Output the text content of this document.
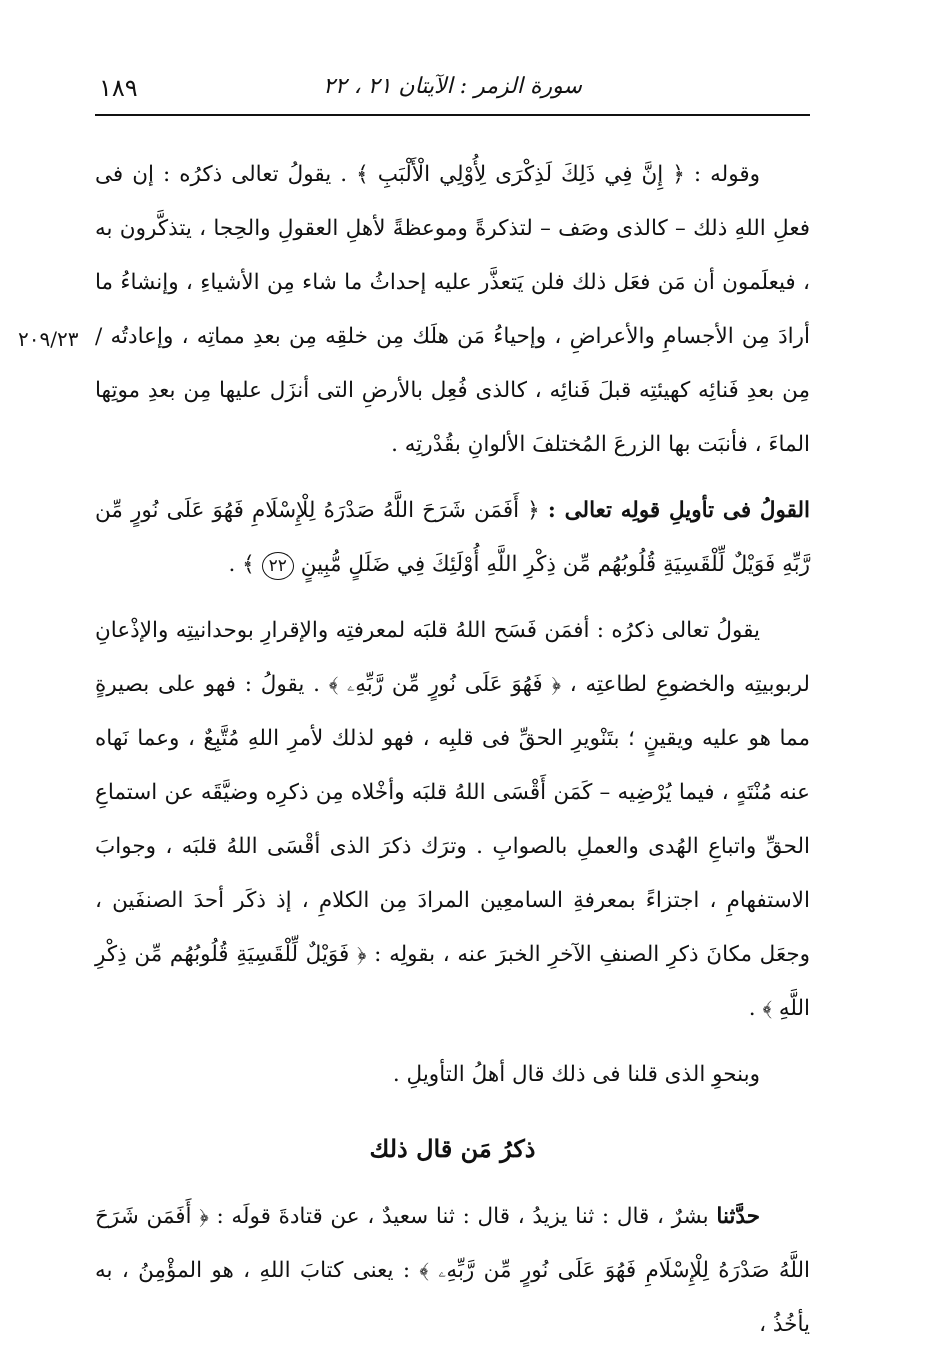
١٨٩	سورة الزمر : الآيتان ٢١ ، ٢٢
٢٠٩/٢٣

وقوله : ﴿ إِنَّ فِي ذَلِكَ لَذِكْرَى لِأُوْلِي الْأَلْبَبِ ﴾ . يقولُ تعالى ذكرُه : إن فى فعلِ اللهِ ذلك – كالذى وصَف – لتذكرةً وموعظةً لأهلِ العقولِ والحِجا ، يتذكَّرون به ، فيعلَمون أن مَن فعَل ذلك فلن يَتعذَّر عليه إحداثُ ما شاء مِن الأشياءِ ، وإنشاءُ ما أرادَ مِن الأجسامِ والأعراضِ ، وإحياءُ مَن هلَك مِن خلقِه مِن بعدِ مماتِه ، وإعادتُه / مِن بعدِ فَنائِه كهيئتِه قبلَ فَنائِه ، كالذى فُعِل بالأرضِ التى أنزَل عليها مِن بعدِ موتِها الماءَ ، فأنبَت بها الزرعَ المُختلفَ الألوانِ بقُدْرتِه .

القولُ فى تأويلِ قولِه تعالى : ﴿ أَفَمَن شَرَحَ اللَّهُ صَدْرَهُ لِلْإِسْلَامِ فَهُوَ عَلَى نُورٍ مِّن رَّبِّهِ فَوَيْلٌ لِّلْقَسِيَةِ قُلُوبُهُم مِّن ذِكْرِ اللَّهِ أُوْلَئِكَ فِي ضَلَلٍ مُّبِينٍ ٢٢ ﴾ .

يقولُ تعالى ذكرُه : أفمَن فَسَح اللهُ قلبَه لمعرفتِه والإقرارِ بوحدانيتِه والإذْعانِ لربوبيتِه والخضوعِ لطاعتِه ، ﴿ فَهُوَ عَلَى نُورٍ مِّن رَّبِّهِۦ ﴾ . يقولُ : فهو على بصيرةٍ مما هو عليه ويقينٍ ؛ بتَنْويرِ الحقِّ فى قلبِه ، فهو لذلك لأمرِ اللهِ مُتَّبِعٌ ، وعما نَهاه عنه مُنْتَهٍ ، فيما يُرْضِيه – كَمَن أَقْسَى اللهُ قلبَه وأخْلاه مِن ذكرِه وضيَّقَه عن استماعِ الحقِّ واتباعِ الهُدى والعملِ بالصوابِ . وترَك ذكرَ الذى أقْسَى اللهُ قلبَه ، وجوابَ الاستفهامِ ، اجتزاءً بمعرفةِ السامعِين المرادَ مِن الكلامِ ، إذ ذكَر أحدَ الصنفَين ، وجعَل مكانَ ذكرِ الصنفِ الآخرِ الخبرَ عنه ، بقولِه : ﴿ فَوَيْلٌ لِّلْقَسِيَةِ قُلُوبُهُم مِّن ذِكْرِ اللَّهِ ﴾ .

وبنحوِ الذى قلنا فى ذلك قال أهلُ التأويلِ .

ذكرُ مَن قال ذلك

حدَّثنا بشرٌ ، قال : ثنا يزيدُ ، قال : ثنا سعيدٌ ، عن قتادةَ قولَه : ﴿ أَفَمَن شَرَحَ اللَّهُ صَدْرَهُ لِلْإِسْلَامِ فَهُوَ عَلَى نُورٍ مِّن رَّبِّهِۦ ﴾ : يعنى كتابَ اللهِ ، هو المؤْمِنُ ، به يأخُذُ ،
